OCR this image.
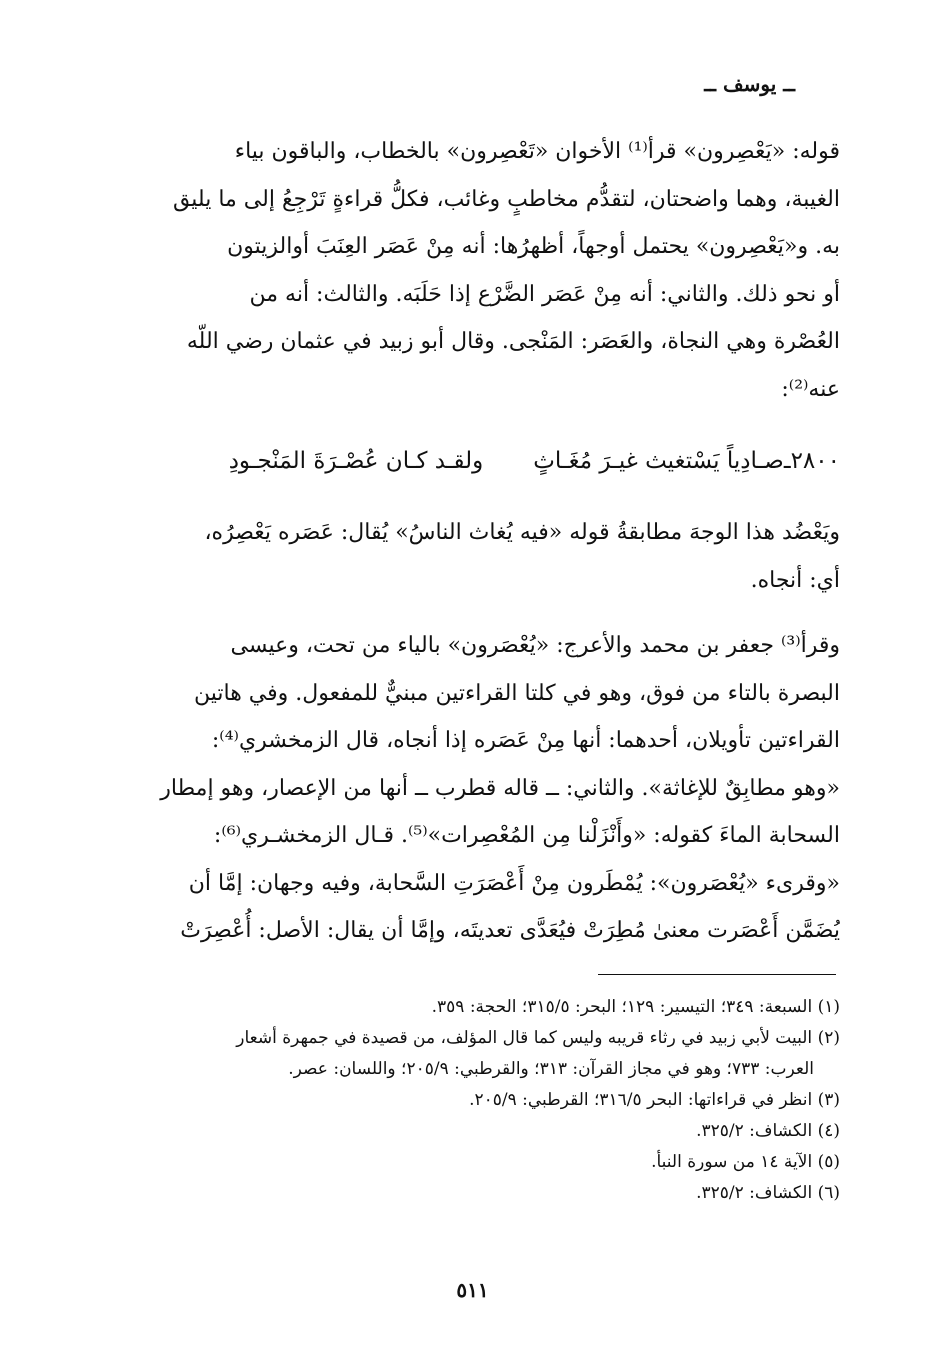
ــ يوسف ــ
قوله: «يَعْصِرون» قرأ⁽¹⁾ الأخوان «تَعْصِرون» بالخطاب، والباقون بياء
الغيبة، وهما واضحتان، لتقدُّم مخاطبٍ وغائب، فكلُّ قراءةٍ تَرْجِعُ إلى ما يليق
به. و«يَعْصِرون» يحتمل أوجهاً، أظهرُها: أنه مِنْ عَصَر العِنَبَ أوالزيتون
أو نحو ذلك. والثاني: أنه مِنْ عَصَر الضَّرْع إذا حَلَبَه. والثالث: أنه من
العُصْرة وهي النجاة، والعَصَر: المَنْجى. وقال أبو زبيد في عثمان رضي اللّه
عنه⁽²⁾:
٢٨٠٠ـ
صـادِياً يَسْتغيث غيـرَ مُغَـاثٍ
ولقـد كـان عُصْـرَةَ المَنْجـودِ
ويَعْضُد هذا الوجهَ مطابقةُ قوله «فيه يُغاث الناسُ» يُقال: عَصَره يَعْصِرُه،
أي: أنجاه.
وقرأ⁽³⁾ جعفر بن محمد والأعرج: «يُعْصَرون» بالياء من تحت، وعيسى
البصرة بالتاء من فوق، وهو في كلتا القراءتين مبنيٌّ للمفعول. وفي هاتين
القراءتين تأويلان، أحدهما: أنها مِنْ عَصَره إذا أنجاه، قال الزمخشري⁽⁴⁾:
«وهو مطابِقٌ للإغاثة». والثاني: ــ قاله قطرب ــ أنها من الإعصار، وهو إمطار
السحابة الماءَ كقوله: «وأَنْزَلْنا مِن المُعْصِرات»⁽⁵⁾. قـال الزمخشـري⁽⁶⁾:
«وقرىء «يُعْصَرون»: يُمْطَرون مِنْ أَعْصَرَتِ السَّحابة، وفيه وجهان: إمَّا أن
يُضَمَّن أَعْصَرت معنىٰ مُطِرَتْ فيُعَدَّى تعديتَه، وإمَّا أن يقال: الأصل: أُعْصِرَتْ
(١) السبعة: ٣٤٩؛ التيسير: ١٢٩؛ البحر: ٣١٥/٥؛ الحجة: ٣٥٩.
(٢) البيت لأبي زبيد في رثاء قريبه وليس كما قال المؤلف، من قصيدة في جمهرة أشعار
العرب: ٧٣٣؛ وهو في مجاز القرآن: ٣١٣؛ والقرطبي: ٢٠٥/٩؛ واللسان: عصر.
(٣) انظر في قراءاتها: البحر ٣١٦/٥؛ القرطبي: ٢٠٥/٩.
(٤) الكشاف: ٣٢٥/٢.
(٥) الآية ١٤ من سورة النبأ.
(٦) الكشاف: ٣٢٥/٢.
٥١١
